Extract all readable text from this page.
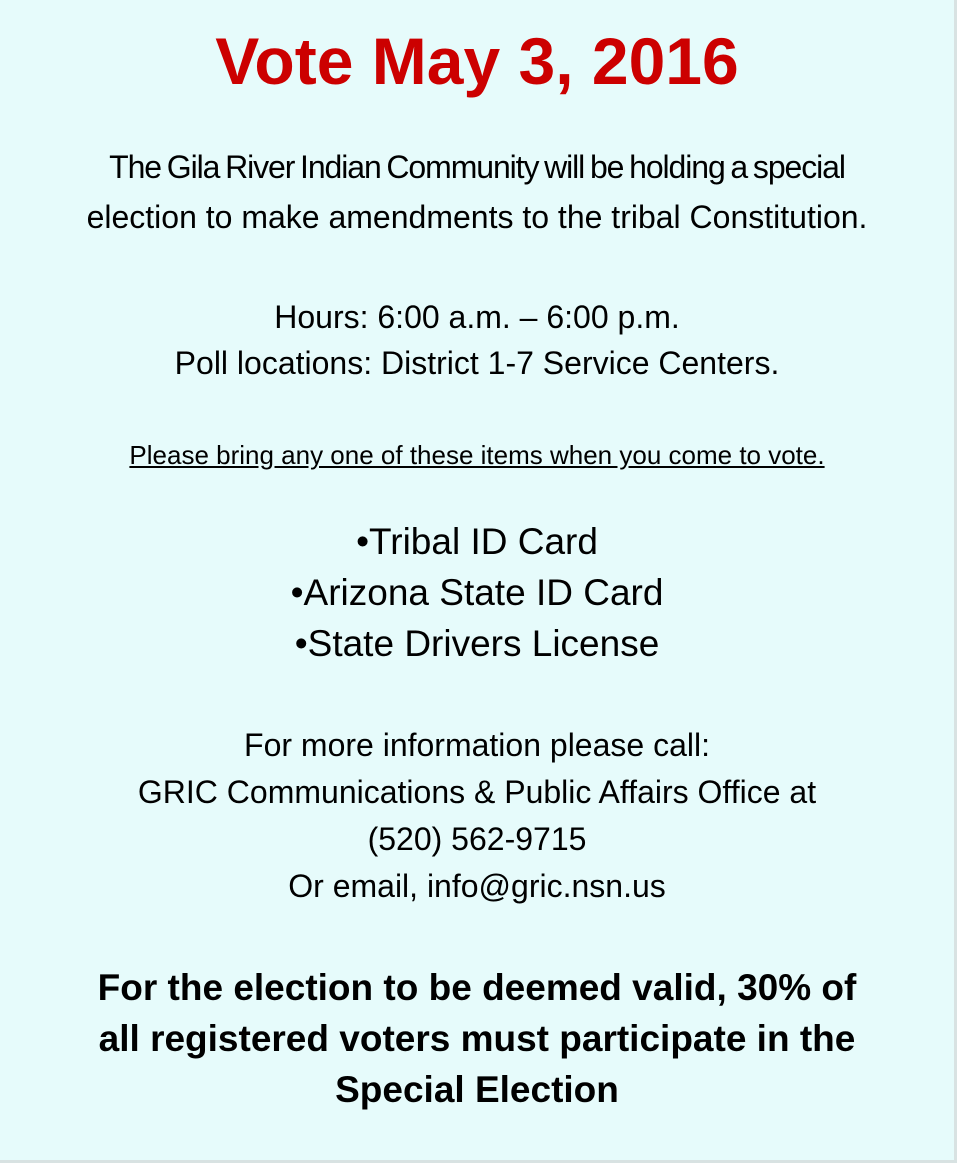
Vote May 3, 2016

The Gila River Indian Community will be holding a special
election to make amendments to the tribal Constitution.

Hours: 6:00 a.m. – 6:00 p.m.
Poll locations: District 1-7 Service Centers.

Please bring any one of these items when you come to vote.

•Tribal ID Card
•Arizona State ID Card
•State Drivers License

For more information please call:
GRIC Communications & Public Affairs Office at
(520) 562-9715
Or email, info@gric.nsn.us

For the election to be deemed valid, 30% of
all registered voters must participate in the
Special Election
